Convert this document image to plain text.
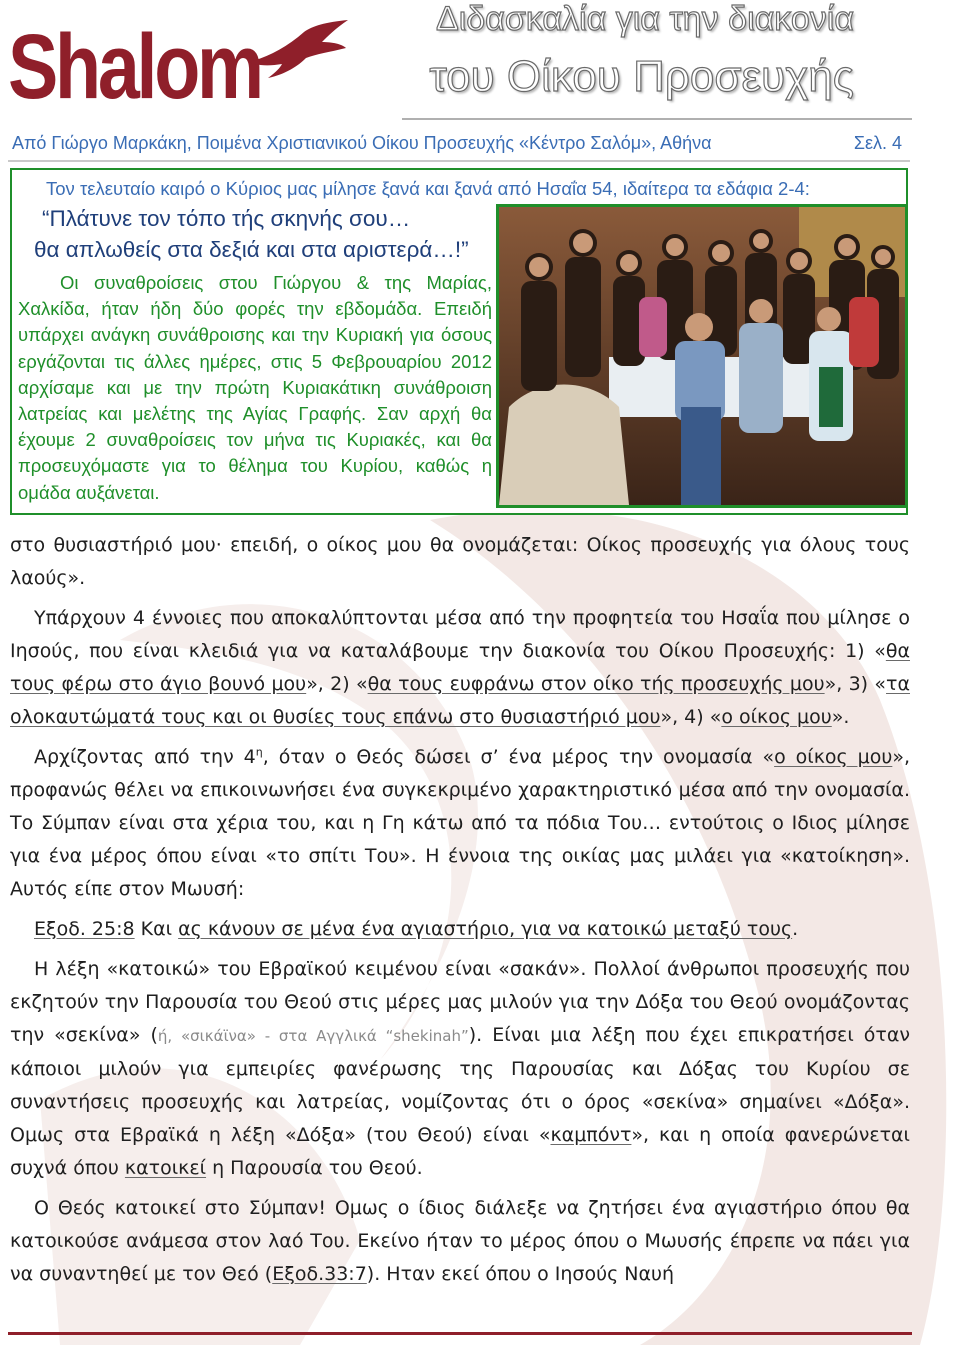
Shalom	Διδασκαλία για την διακονία
του Οίκου Προσευχής
Από Γιώργο Μαρκάκη, Ποιμένα Χριστιανικού Οίκου Προσευχής «Κέντρο Σαλόμ», Αθήνα	Σελ. 4
Τον τελευταίο καιρό ο Κύριος μας μίλησε ξανά και ξανά από Ησαΐα 54, ιδαίτερα τα εδάφια 2-4:
“Πλάτυνε τον τόπο τής σκηνής σου…
θα απλωθείς στα δεξιά και στα αριστερά…!”
Οι συναθροίσεις στου Γιώργου & της Μαρίας, Χαλκίδα, ήταν ήδη δύο φορές την εβδομάδα. Επειδή υπάρχει ανάγκη συνάθροισης και την Κυριακή για όσους εργάζονται τις άλλες ημέρες, στις 5 Φεβρουαρίου 2012 αρχίσαμε και με την πρώτη Κυριακάτικη συνάθροιση λατρείας και μελέτης της Αγίας Γραφής. Σαν αρχή θα έχουμε 2 συναθροίσεις τον μήνα τις Κυριακές, και θα προσευχόμαστε για το θέλημα του Κυρίου, καθώς η ομάδα αυξάνεται.

στο θυσιαστήριό μου· επειδή, ο οίκος μου θα ονομάζεται: Οίκος προσευχής για όλους τους λαούς».

Υπάρχουν 4 έννοιες που αποκαλύπτονται μέσα από την προφητεία του Ησαΐα που μίλησε ο Ιησούς, που είναι κλειδιά για να καταλάβουμε την διακονία του Οίκου Προσευχής: 1) «θα τους φέρω στο άγιο βουνό μου», 2) «θα τους ευφράνω στον οίκο τής προσευχής μου», 3) «τα ολοκαυτώματά τους και οι θυσίες τους επάνω στο θυσιαστήριό μου», 4) «ο οίκος μου».

Αρχίζοντας από την $4^\eta$, όταν ο Θεός δώσει σ’ ένα μέρος την ονομασία «ο οίκος μου», προφανώς θέλει να επικοινωνήσει ένα συγκεκριμένο χαρακτηριστικό μέσα από την ονομασία. Το Σύμπαν είναι στα χέρια του, και η Γη κάτω από τα πόδια Του… εντούτοις ο Ιδιος μίλησε για ένα μέρος όπου είναι «το σπίτι Του». Η έννοια της οικίας μας μιλάει για «κατοίκηση». Αυτός είπε στον Μωυσή:

Εξοδ. 25:8 Και ας κάνουν σε μένα ένα αγιαστήριο, για να κατοικώ μεταξύ τους.

Η λέξη «κατοικώ» του Εβραϊκού κειμένου είναι «σακάν». Πολλοί άνθρωποι προσευχής που εκζητούν την Παρουσία του Θεού στις μέρες μας μιλούν για την Δόξα του Θεού ονομάζοντας την «σεκίνα» (ή, «σικάϊνα» - στα Αγγλικά “shekinah”). Είναι μια λέξη που έχει επικρατήσει όταν κάποιοι μιλούν για εμπειρίες φανέρωσης της Παρουσίας και Δόξας του Κυρίου σε συναντήσεις προσευχής και λατρείας, νομίζοντας ότι ο όρος «σεκίνα» σημαίνει «Δόξα». Ομως στα Εβραϊκά η λέξη «Δόξα» (του Θεού) είναι «καμπόντ», και η οποία φανερώνεται συχνά όπου κατοικεί η Παρουσία του Θεού.

Ο Θεός κατοικεί στο Σύμπαν! Ομως ο ίδιος διάλεξε να ζητήσει ένα αγιαστήριο όπου θα κατοικούσε ανάμεσα στον λαό Του. Εκείνο ήταν το μέρος όπου ο Μωυσής έπρεπε να πάει για να συναντηθεί με τον Θεό (Εξοδ.33:7). Ηταν εκεί όπου ο Ιησούς Ναυή
